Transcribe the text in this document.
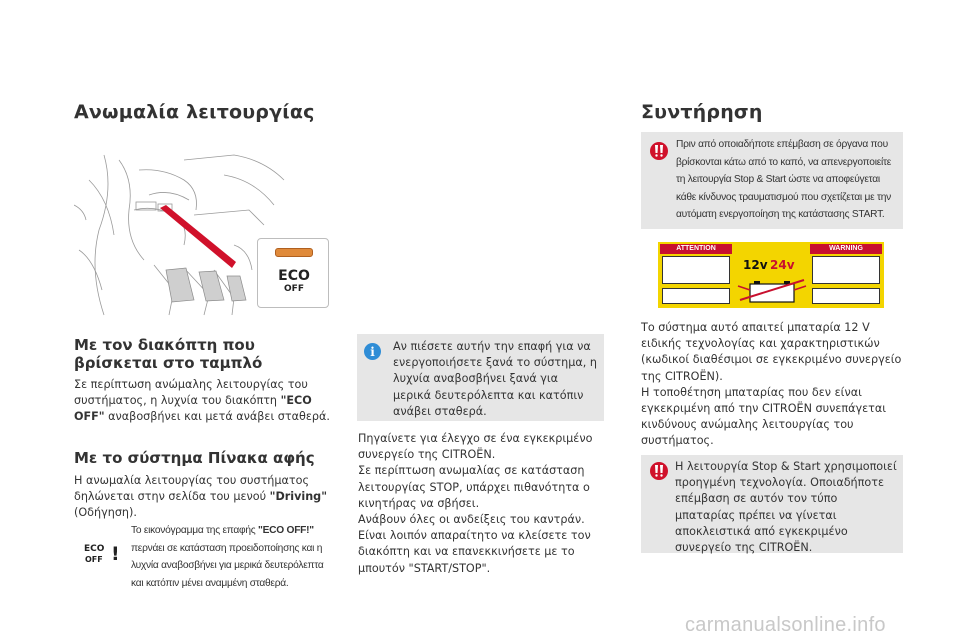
Ανωμαλία λειτουργίας
ECO
OFF
Με τον διακόπτη που βρίσκεται στο ταμπλό
Σε περίπτωση ανώμαλης λειτουργίας του συστήματος, η λυχνία του διακόπτη "ECO OFF" αναβοσβήνει και μετά ανάβει σταθερά.
Με το σύστημα Πίνακα αφής
Η ανωμαλία λειτουργίας του συστήματος δηλώνεται στην σελίδα του μενού "Driving" (Οδήγηση).
ECO
OFF !
Το εικονόγραμμα της επαφής "ECO OFF!" περνάει σε κατάσταση προειδοποίησης και η λυχνία αναβοσβήνει για μερικά δευτερόλεπτα και κατόπιν μένει αναμμένη σταθερά.
i	Αν πιέσετε αυτήν την επαφή για να ενεργοποιήσετε ξανά το σύστημα, η λυχνία αναβοσβήνει ξανά για μερικά δευτερόλεπτα και κατόπιν ανάβει σταθερά.
Πηγαίνετε για έλεγχο σε ένα εγκεκριμένο συνεργείο της CITROËN.
Σε περίπτωση ανωμαλίας σε κατάσταση λειτουργίας STOP, υπάρχει πιθανότητα ο κινητήρας να σβήσει.
Ανάβουν όλες οι ανδείξεις του καντράν.
Είναι λοιπόν απαραίτητο να κλείσετε τον διακόπτη και να επανεκκινήσετε με το μπουτόν "START/STOP".
Συντήρηση
Πριν από οποιαδήποτε επέμβαση σε όργανα που βρίσκονται κάτω από το καπό, να απενεργοποιείτε τη λειτουργία Stop & Start ώστε να αποφεύγεται κάθε κίνδυνος τραυματισμού που σχετίζεται με την αυτόματη ενεργοποίηση της κατάστασης START.
ATTENTION	WARNING
12v 24v
Το σύστημα αυτό απαιτεί μπαταρία 12 V ειδικής τεχνολογίας και χαρακτηριστικών (κωδικοί διαθέσιμοι σε εγκεκριμένο συνεργείο της CITROËN).
Η τοποθέτηση μπαταρίας που δεν είναι εγκεκριμένη από την CITROËN συνεπάγεται κινδύνους ανώμαλης λειτουργίας του συστήματος.
Η λειτουργία Stop & Start χρησιμοποιεί προηγμένη τεχνολογία. Οποιαδήποτε επέμβαση σε αυτόν τον τύπο μπαταρίας πρέπει να γίνεται αποκλειστικά από εγκεκριμένο συνεργείο της CITROËN.
carmanualsonline.info
